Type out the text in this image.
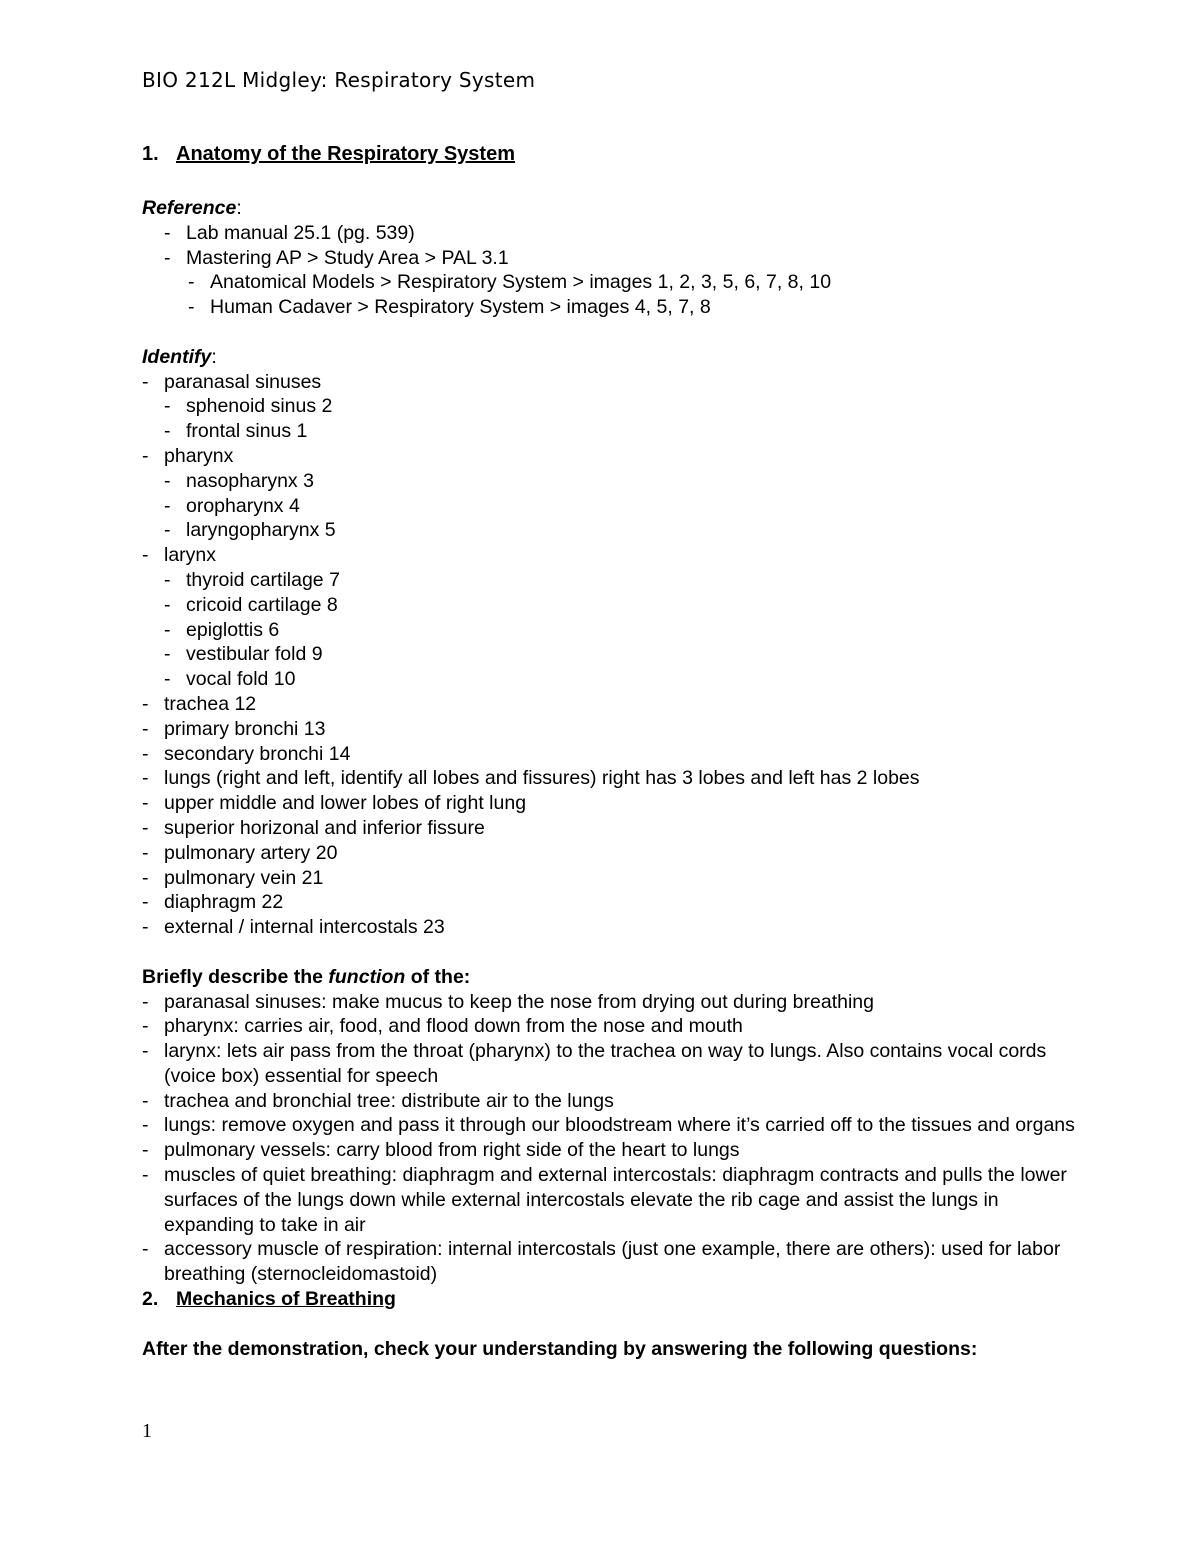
BIO 212L Midgley: Respiratory System
1. Anatomy of the Respiratory System
Reference:
- Lab manual 25.1 (pg. 539)
- Mastering AP > Study Area > PAL 3.1
- Anatomical Models > Respiratory System > images 1, 2, 3, 5, 6, 7, 8, 10
- Human Cadaver > Respiratory System > images 4, 5, 7, 8
Identify:
- paranasal sinuses
- sphenoid sinus 2
- frontal sinus 1
- pharynx
- nasopharynx 3
- oropharynx 4
- laryngopharynx 5
- larynx
- thyroid cartilage 7
- cricoid cartilage 8
- epiglottis 6
- vestibular fold 9
- vocal fold 10
- trachea 12
- primary bronchi 13
- secondary bronchi 14
- lungs (right and left, identify all lobes and fissures) right has 3 lobes and left has 2 lobes
- upper middle and lower lobes of right lung
- superior horizonal and inferior fissure
- pulmonary artery 20
- pulmonary vein 21
- diaphragm 22
- external / internal intercostals 23
Briefly describe the function of the:
- paranasal sinuses: make mucus to keep the nose from drying out during breathing
- pharynx: carries air, food, and flood down from the nose and mouth
- larynx: lets air pass from the throat (pharynx) to the trachea on way to lungs. Also contains vocal cords (voice box) essential for speech
- trachea and bronchial tree: distribute air to the lungs
- lungs: remove oxygen and pass it through our bloodstream where it’s carried off to the tissues and organs
- pulmonary vessels: carry blood from right side of the heart to lungs
- muscles of quiet breathing: diaphragm and external intercostals: diaphragm contracts and pulls the lower surfaces of the lungs down while external intercostals elevate the rib cage and assist the lungs in expanding to take in air
- accessory muscle of respiration: internal intercostals (just one example, there are others): used for labor breathing (sternocleidomastoid)
2. Mechanics of Breathing
After the demonstration, check your understanding by answering the following questions:
1
